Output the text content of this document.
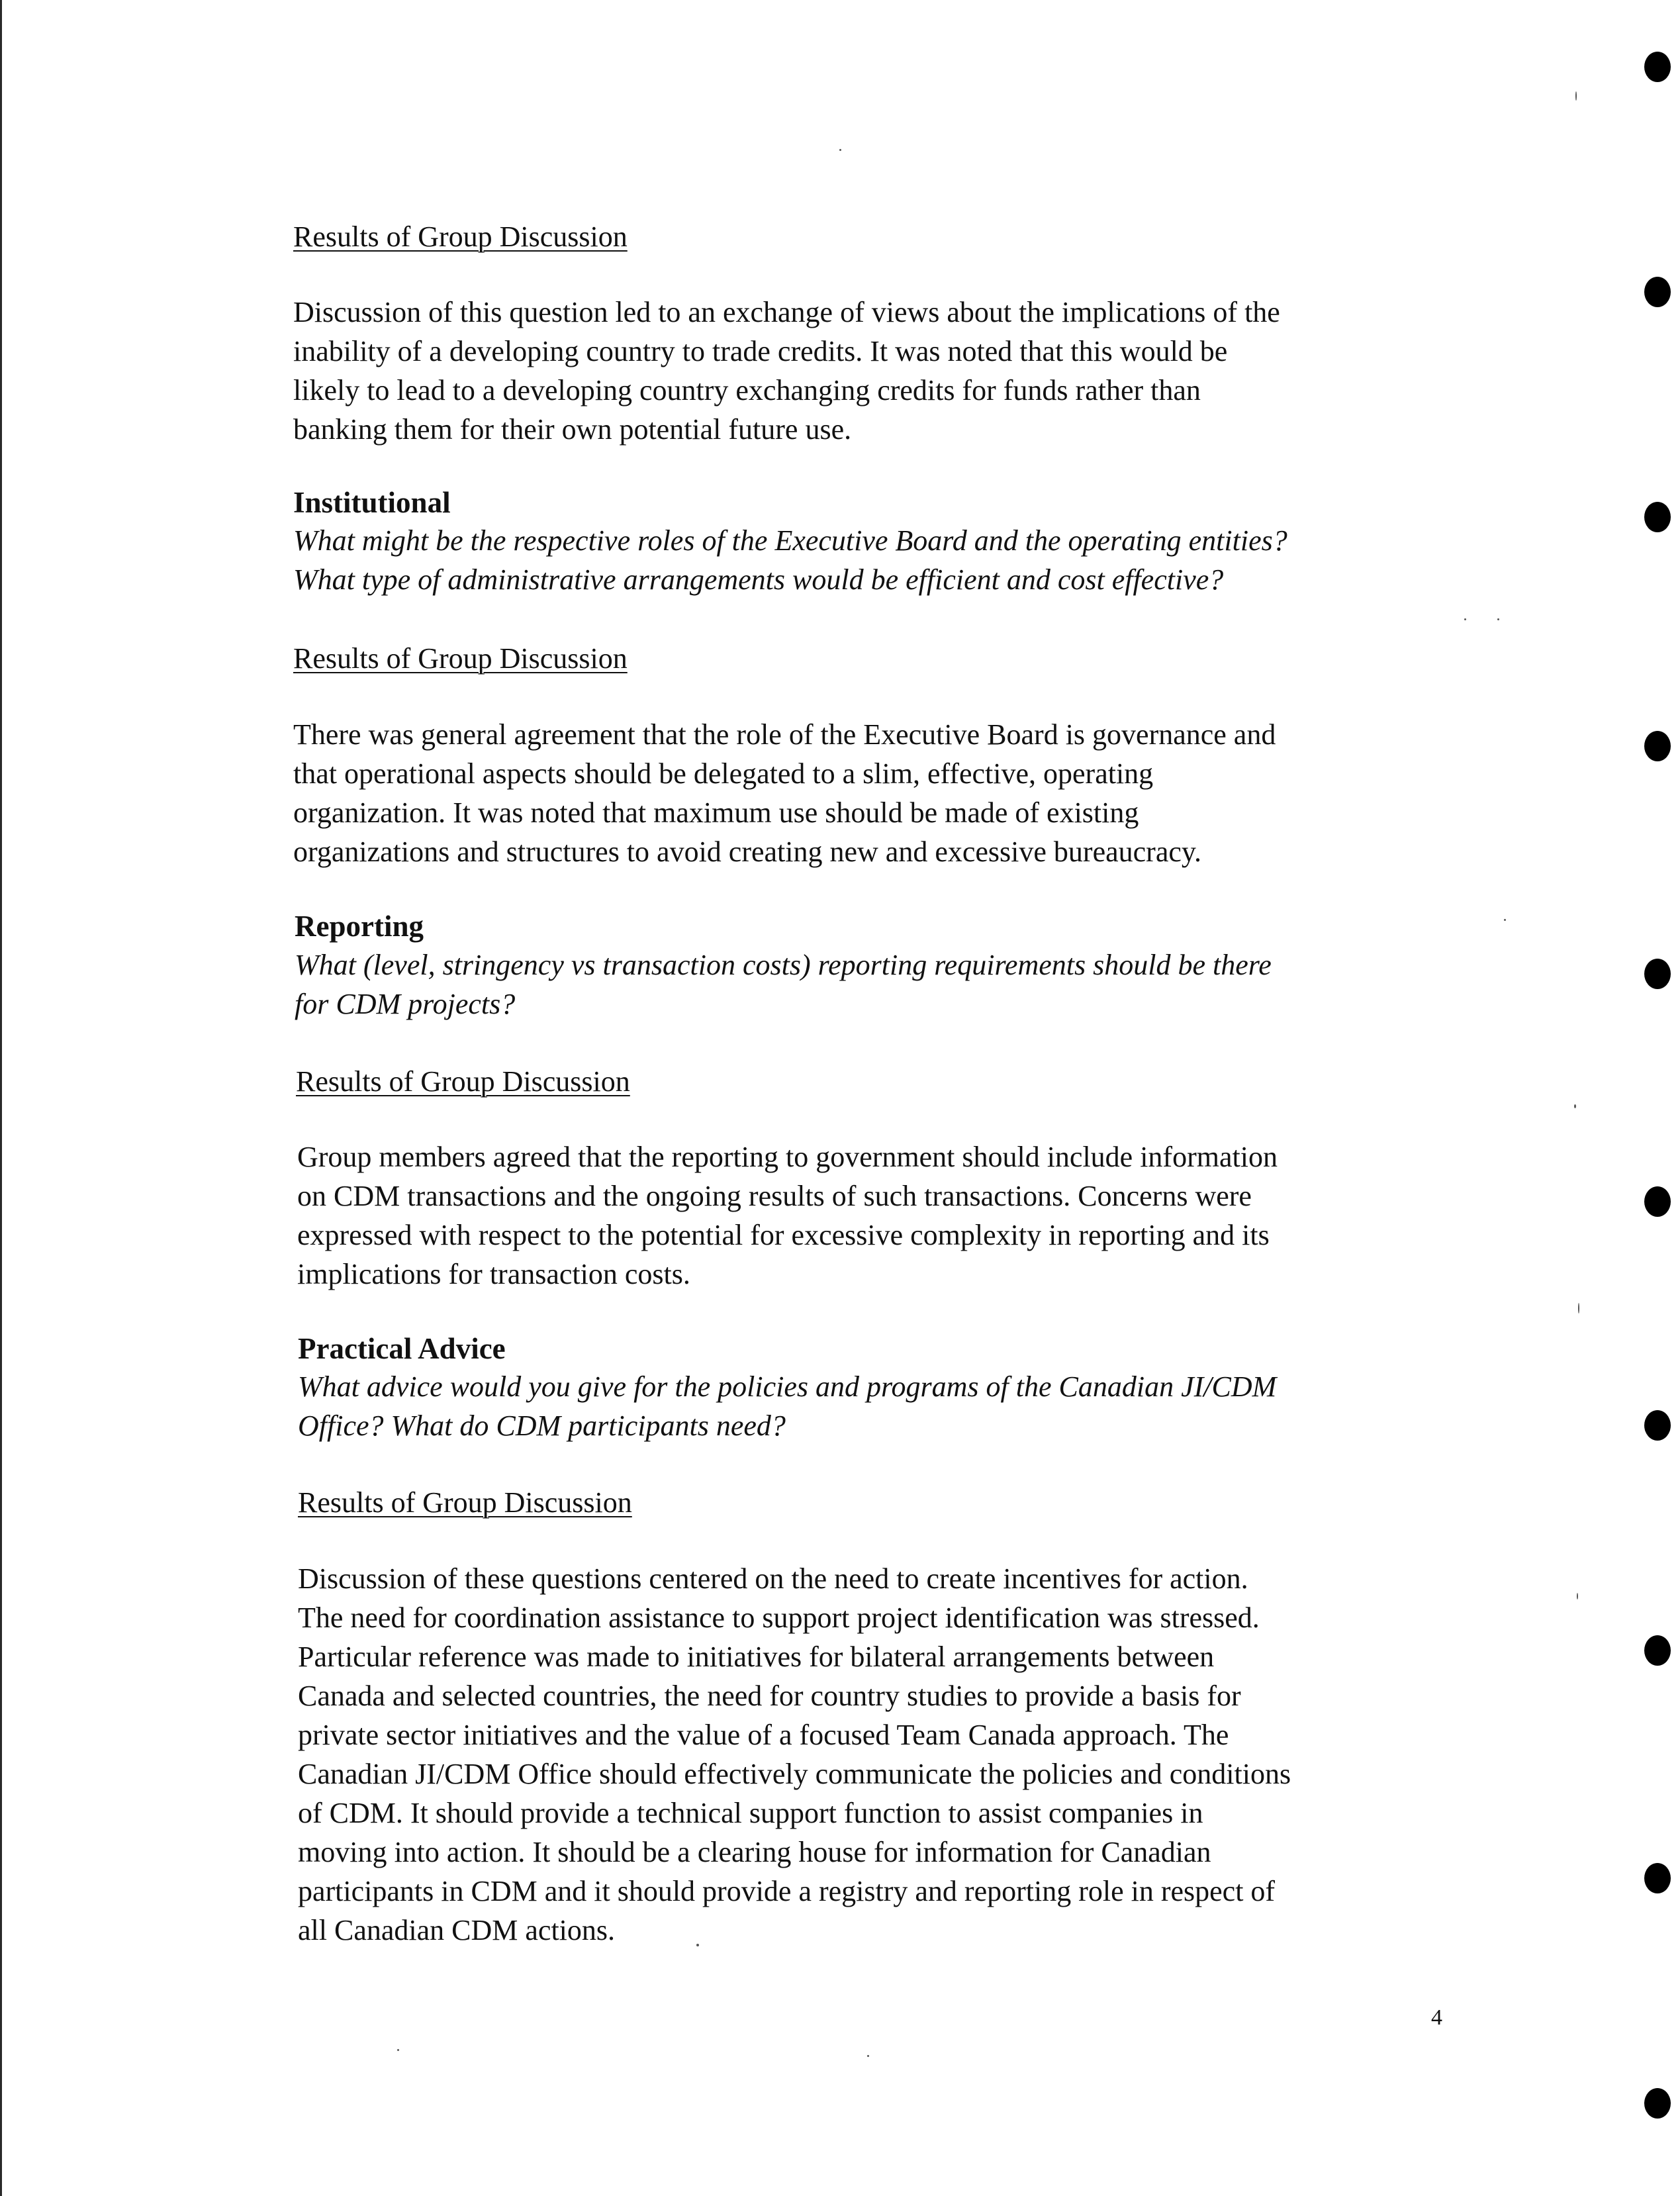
Results of Group Discussion
Discussion of this question led to an exchange of views about the implications of the
inability of a developing country to trade credits. It was noted that this would be
likely to lead to a developing country exchanging credits for funds rather than
banking them for their own potential future use.
Institutional
What might be the respective roles of the Executive Board and the operating entities?
What type of administrative arrangements would be efficient and cost effective?
Results of Group Discussion
There was general agreement that the role of the Executive Board is governance and
that operational aspects should be delegated to a slim, effective, operating
organization. It was noted that maximum use should be made of existing
organizations and structures to avoid creating new and excessive bureaucracy.
Reporting
What (level, stringency vs transaction costs) reporting requirements should be there
for CDM projects?
Results of Group Discussion
Group members agreed that the reporting to government should include information
on CDM transactions and the ongoing results of such transactions. Concerns were
expressed with respect to the potential for excessive complexity in reporting and its
implications for transaction costs.
Practical Advice
What advice would you give for the policies and programs of the Canadian JI/CDM
Office? What do CDM participants need?
Results of Group Discussion
Discussion of these questions centered on the need to create incentives for action.
The need for coordination assistance to support project identification was stressed.
Particular reference was made to initiatives for bilateral arrangements between
Canada and selected countries, the need for country studies to provide a basis for
private sector initiatives and the value of a focused Team Canada approach. The
Canadian JI/CDM Office should effectively communicate the policies and conditions
of CDM. It should provide a technical support function to assist companies in
moving into action. It should be a clearing house for information for Canadian
participants in CDM and it should provide a registry and reporting role in respect of
all Canadian CDM actions.
4
